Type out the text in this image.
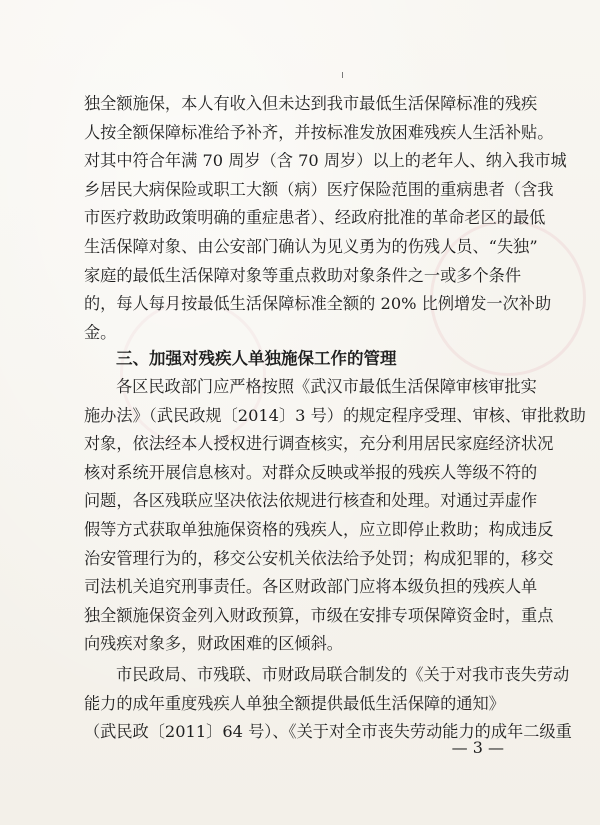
独全额施保，本人有收入但未达到我市最低生活保障标准的残疾
人按全额保障标准给予补齐，并按标准发放困难残疾人生活补贴。
对其中符合年满 70 周岁（含 70 周岁）以上的老年人、纳入我市城
乡居民大病保险或职工大额（病）医疗保险范围的重病患者（含我
市医疗救助政策明确的重症患者）、经政府批准的革命老区的最低
生活保障对象、由公安部门确认为见义勇为的伤残人员、“失独”
家庭的最低生活保障对象等重点救助对象条件之一或多个条件
的，每人每月按最低生活保障标准全额的 20% 比例增发一次补助
金。
三、加强对残疾人单独施保工作的管理
各区民政部门应严格按照《武汉市最低生活保障审核审批实
施办法》（武民政规〔2014〕3 号）的规定程序受理、审核、审批救助
对象，依法经本人授权进行调查核实，充分利用居民家庭经济状况
核对系统开展信息核对。对群众反映或举报的残疾人等级不符的
问题，各区残联应坚决依法依规进行核查和处理。对通过弄虚作
假等方式获取单独施保资格的残疾人，应立即停止救助；构成违反
治安管理行为的，移交公安机关依法给予处罚；构成犯罪的，移交
司法机关追究刑事责任。各区财政部门应将本级负担的残疾人单
独全额施保资金列入财政预算，市级在安排专项保障资金时，重点
向残疾对象多，财政困难的区倾斜。
市民政局、市残联、市财政局联合制发的《关于对我市丧失劳动
能力的成年重度残疾人单独全额提供最低生活保障的通知》
（武民政〔2011〕64 号）、《关于对全市丧失劳动能力的成年二级重
— 3 —
